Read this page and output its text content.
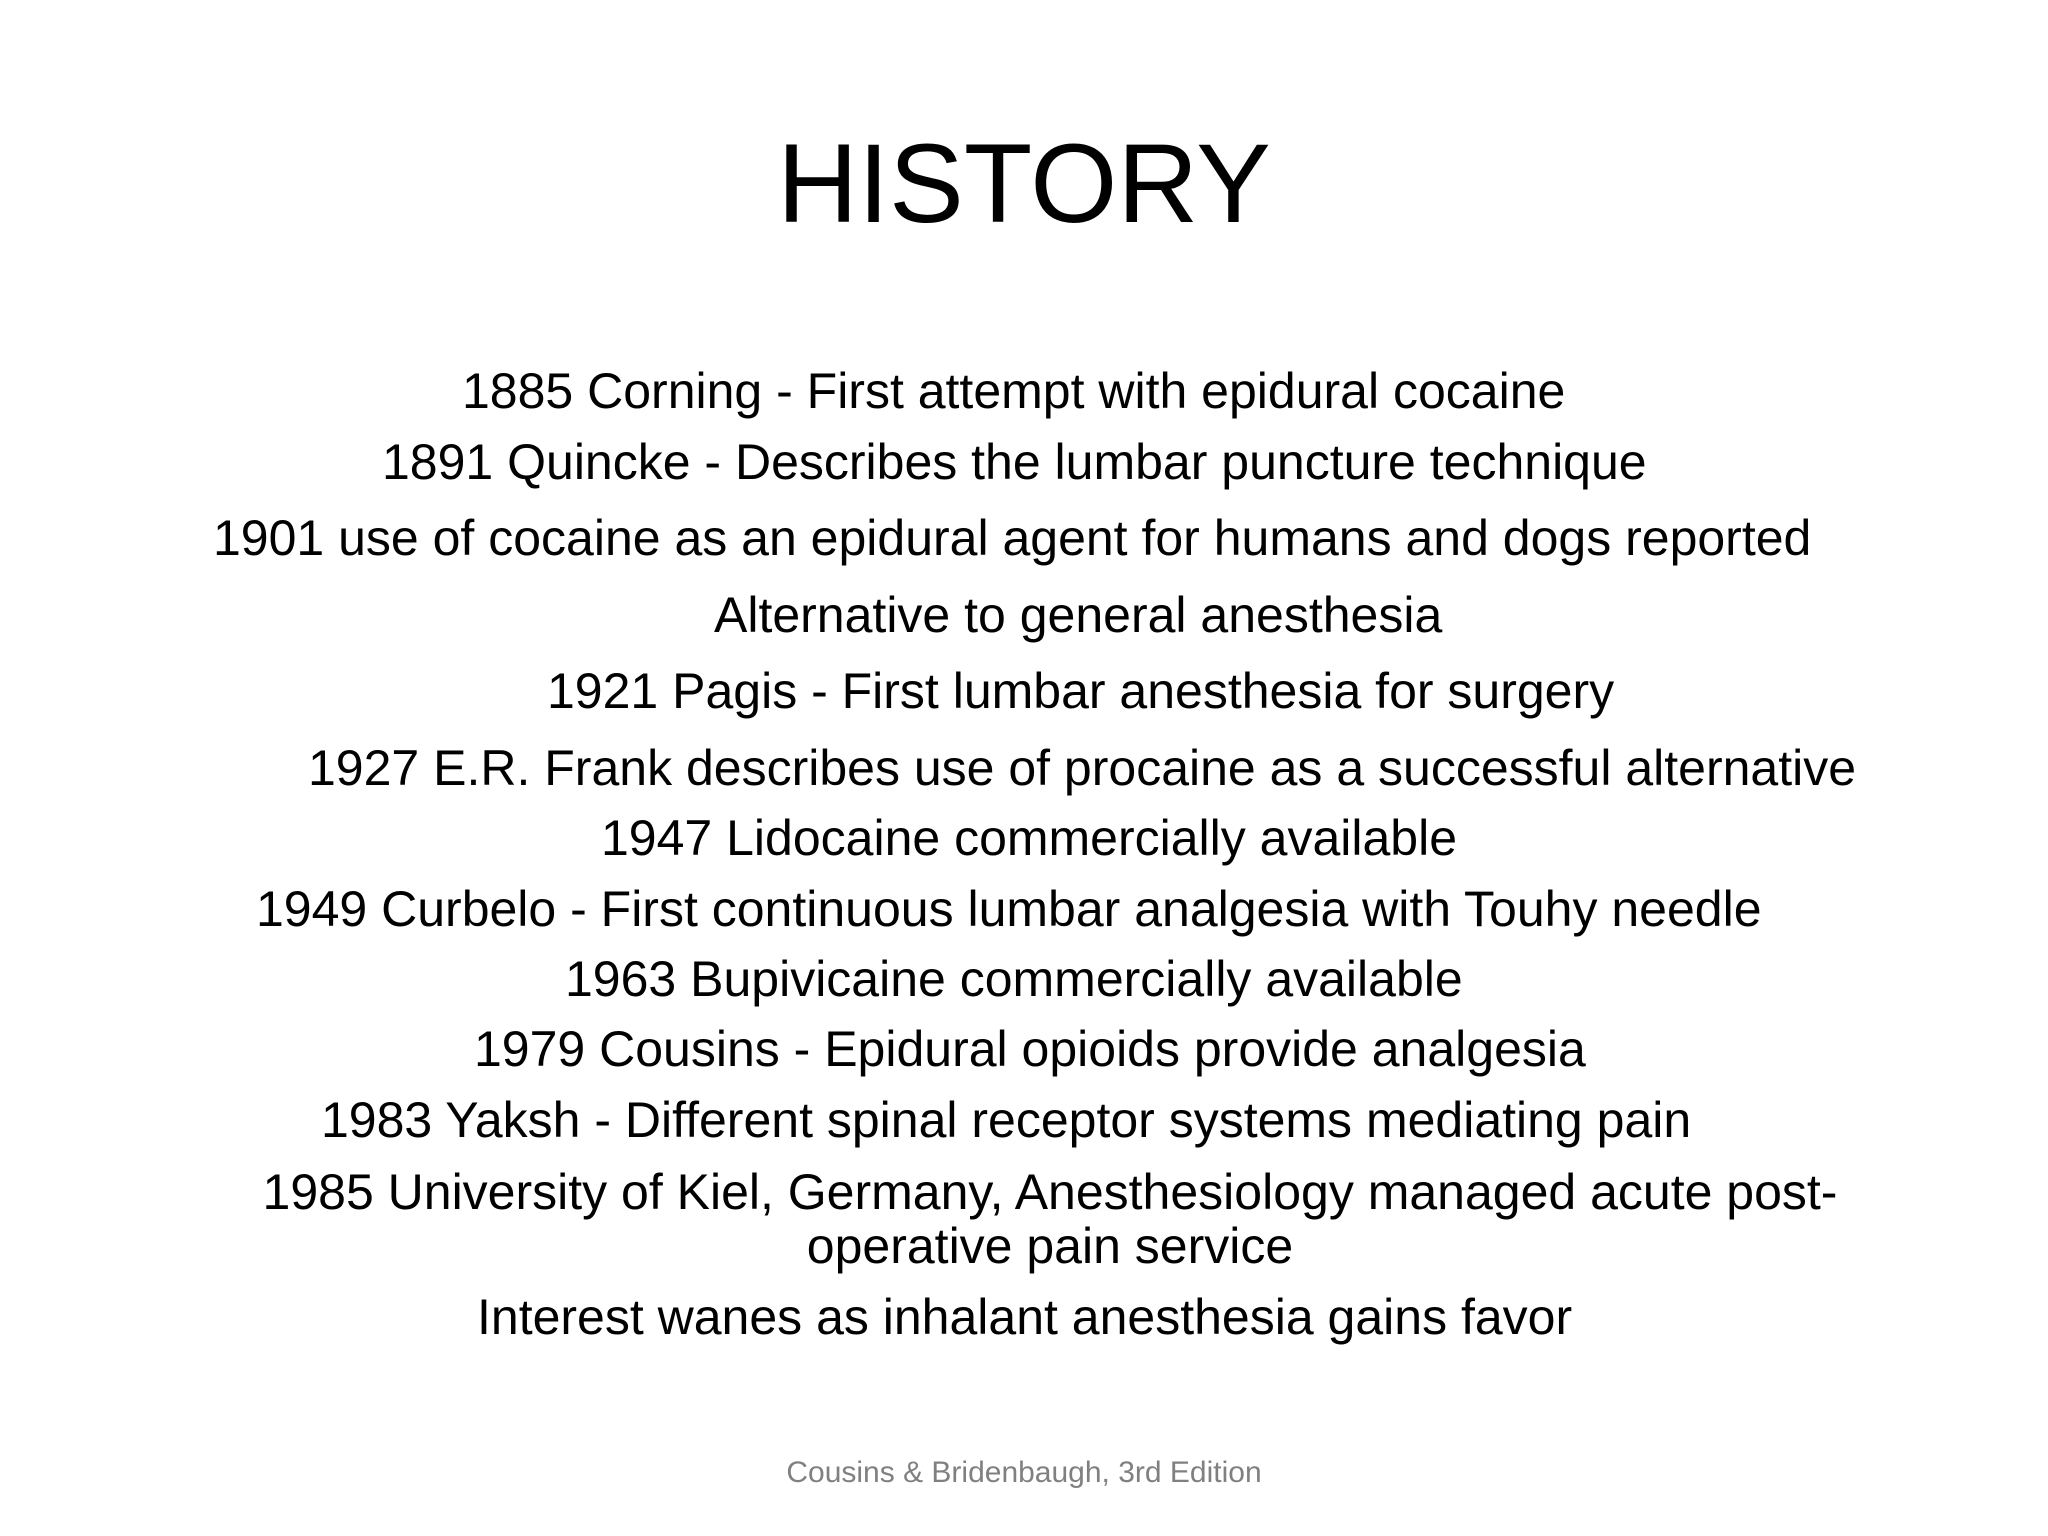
HISTORY
1885 Corning - First attempt with epidural cocaine
1891 Quincke - Describes the lumbar puncture technique
1901 use of cocaine as an epidural agent for humans and dogs reported
Alternative to general anesthesia
1921 Pagis - First lumbar anesthesia for surgery
1927 E.R. Frank describes use of procaine as a successful alternative
1947 Lidocaine commercially available
1949 Curbelo - First continuous lumbar analgesia with Touhy needle
1963 Bupivicaine commercially available
1979 Cousins - Epidural opioids provide analgesia
1983 Yaksh - Different spinal receptor systems mediating pain
1985 University of Kiel, Germany, Anesthesiology managed acute post-operative pain service
Interest wanes as inhalant anesthesia gains favor
Cousins & Bridenbaugh, 3rd Edition
